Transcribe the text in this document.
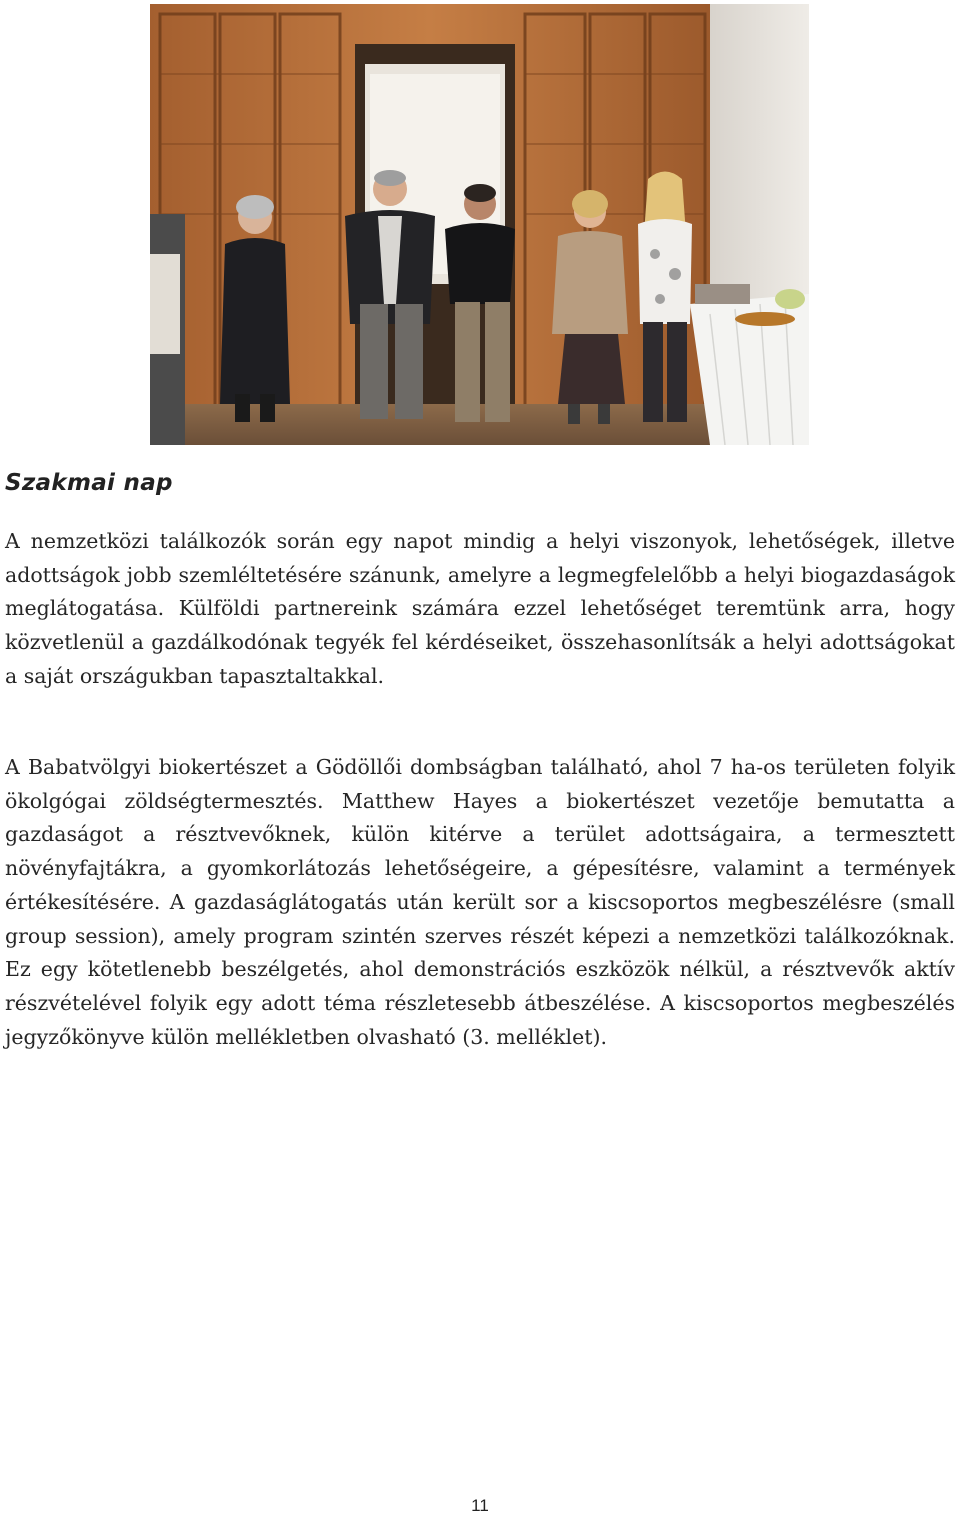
Szakmai nap

A nemzetközi találkozók során egy napot mindig a helyi viszonyok, lehetőségek, illetve adottságok jobb szemléltetésére szánunk, amelyre a legmegfelelőbb a helyi biogazdaságok meglátogatása. Külföldi partnereink számára ezzel lehetőséget teremtünk arra, hogy közvetlenül a gazdálkodónak tegyék fel kérdéseiket, összehasonlítsák a helyi adottságokat a saját országukban tapasztaltakkal.

A Babatvölgyi biokertészet a Gödöllői dombságban található, ahol 7 ha-os területen folyik ökolgógai zöldségtermesztés. Matthew Hayes a biokertészet vezetője bemutatta a gazdaságot a résztvevőknek, külön kitérve a terület adottságaira, a termesztett növényfajtákra, a gyomkorlátozás lehetőségeire, a gépesítésre, valamint a termények értékesítésére. A gazdaságlátogatás után került sor a kiscsoportos megbeszélésre (small group session), amely program szintén szerves részét képezi a nemzetközi találkozóknak. Ez egy kötetlenebb beszélgetés, ahol demonstrációs eszközök nélkül, a résztvevők aktív részvételével folyik egy adott téma részletesebb átbeszélése. A kiscsoportos megbeszélés jegyzőkönyve külön mellékletben olvasható (3. melléklet).

11
